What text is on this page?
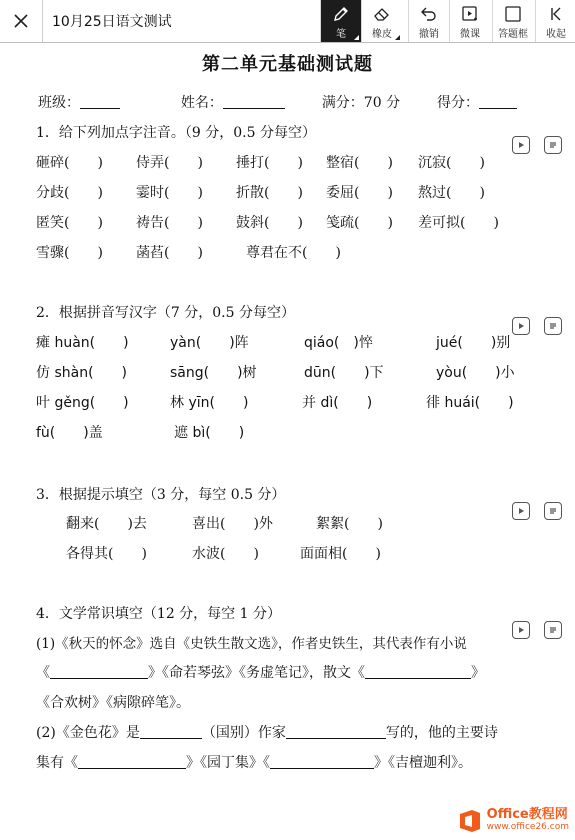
10月25日语文测试
笔	橡皮	撤销 微课 答题框 收起
第二单元基础测试题
班级：	姓名：	满分：70 分	得分：
1．给下列加点字注音。（9 分，0.5 分每空）
砸碎(　　) 侍弄(　　) 捶打(　　) 整宿(　　) 沉寂(　　)
分歧(　　) 霎时(　　) 折散(　　) 委屈(　　) 熬过(　　)
匿笑(　　) 祷告(　　) 鼓斜(　　) 笺疏(　　) 差可拟(　　)
雪骤(　　) 菡萏(　　)	尊君在不(　　)
2．根据拼音写汉字（7 分，0.5 分每空）
瘫 huàn(　　)	yàn(　　)阵	qiáo(　)悴	jué(　　)别
仿 shàn(　　)	sāng(　　)树	dūn(　　)下	yòu(　　)小
叶 gěng(　　)	林 yīn(　　)	并 dì(　　)	徘 huái(　　)
fù(　　)盖	遮 bì(　　)
3．根据提示填空（3 分，每空 0.5 分）
翻来(　　)去	喜出(　　)外	絮絮(　　)
各得其(　　)	水波(　　)	面面相(　　)
4．文学常识填空（12 分，每空 1 分）
(1)《秋天的怀念》选自《史铁生散文选》，作者史铁生，其代表作有小说
《	》《命若琴弦》《务虚笔记》，散文《	》
《合欢树》《病隙碎笔》。
(2)《金色花》是	（国别）作家	写的，他的主要诗
集有《	》《园丁集》《	》《吉檀迦利》。
Office教程网
www.office26.com
